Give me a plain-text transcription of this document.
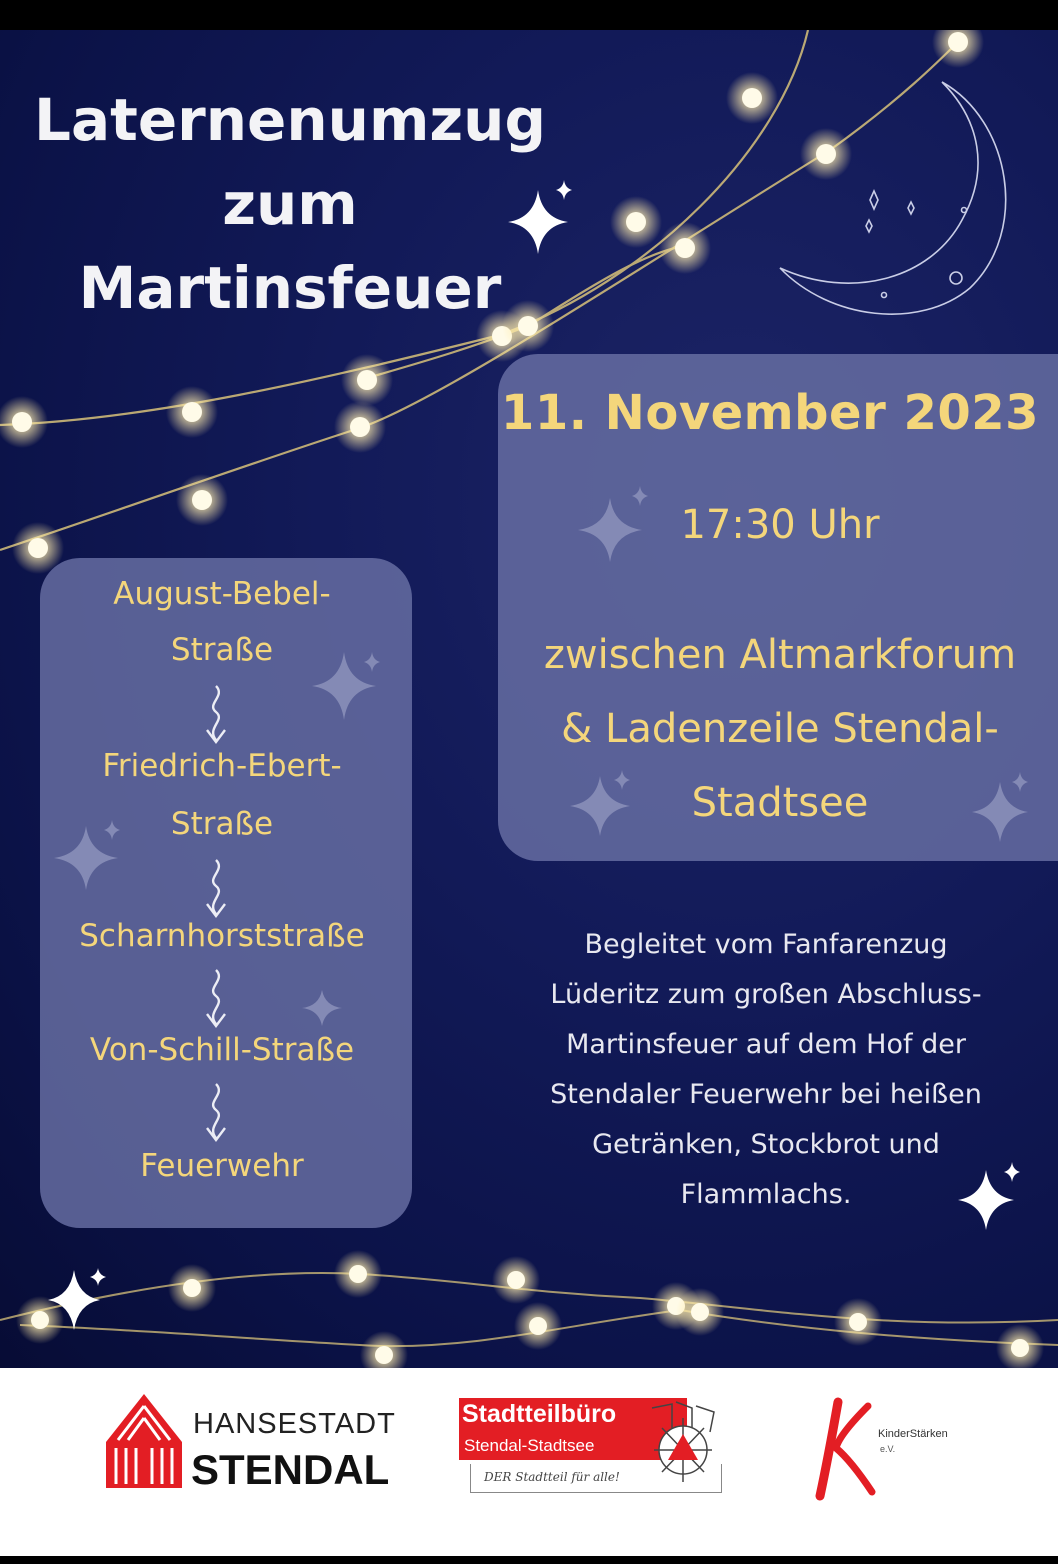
Laternenumzug
zum
Martinsfeuer
11. November 2023
17:30 Uhr
zwischen Altmarkforum
& Ladenzeile Stendal-
Stadtsee
August-Bebel-
Straße
Friedrich-Ebert-
Straße
Scharnhorststraße
Von-Schill-Straße
Feuerwehr
Begleitet vom Fanfarenzug
Lüderitz zum großen Abschluss-
Martinsfeuer auf dem Hof der
Stendaler Feuerwehr bei heißen
Getränken, Stockbrot und
Flammlachs.
HANSESTADT
STENDAL
Stadtteilbüro
Stendal-Stadtsee
DER Stadtteil für alle!
KinderStärken
e.V.
